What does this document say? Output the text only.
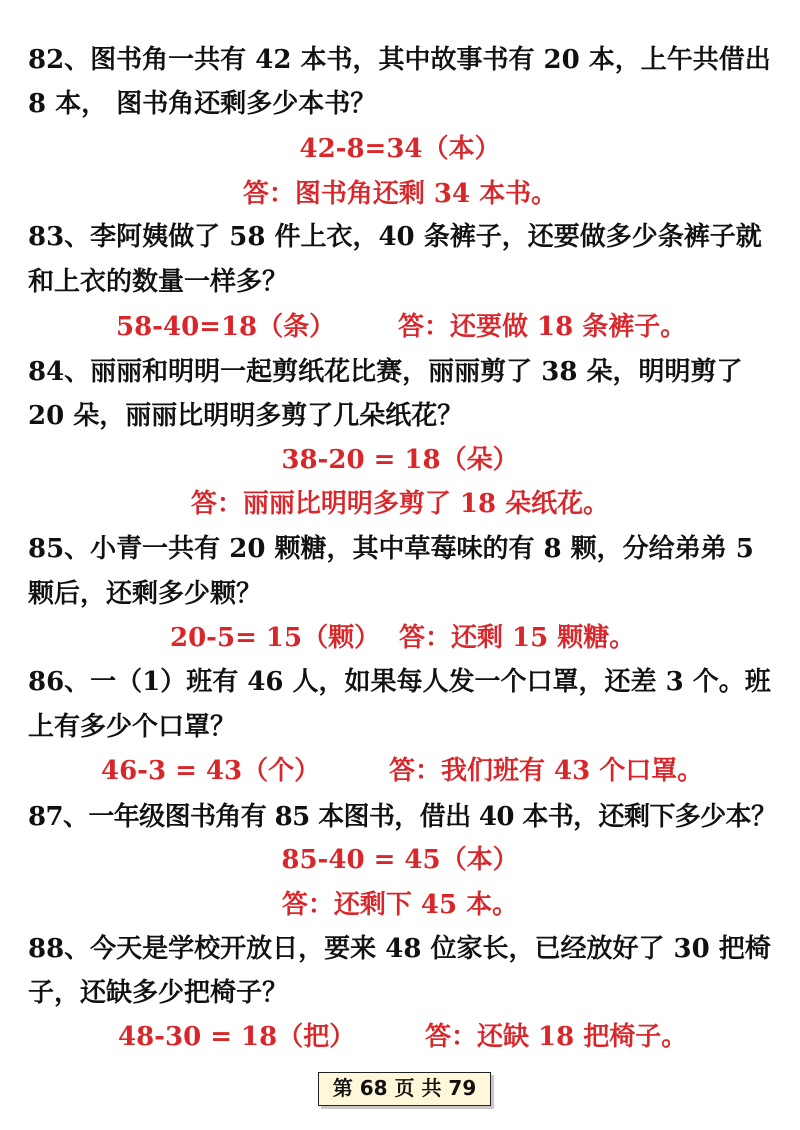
82、图书角一共有 42 本书，其中故事书有 20 本，上午共借出
8 本， 图书角还剩多少本书？
42-8=34（本）
答：图书角还剩 34 本书。
83、李阿姨做了 58 件上衣，40 条裤子，还要做多少条裤子就
和上衣的数量一样多？
58-40=18（条） 答：还要做 18 条裤子。
84、丽丽和明明一起剪纸花比赛，丽丽剪了 38 朵，明明剪了
20 朵，丽丽比明明多剪了几朵纸花？
38-20 = 18（朵）
答：丽丽比明明多剪了 18 朵纸花。
85、小青一共有 20 颗糖，其中草莓味的有 8 颗，分给弟弟 5
颗后，还剩多少颗？
20-5= 15（颗） 答：还剩 15 颗糖。
86、一（1）班有 46 人，如果每人发一个口罩，还差 3 个。班
上有多少个口罩？
46-3 = 43（个）	答：我们班有 43 个口罩。
87、一年级图书角有 85 本图书，借出 40 本书，还剩下多少本？
85-40 = 45（本）
答：还剩下 45 本。
88、今天是学校开放日，要来 48 位家长，已经放好了 30 把椅
子，还缺多少把椅子？
48-30 = 18（把）	答：还缺 18 把椅子。
第 68 页 共 79
